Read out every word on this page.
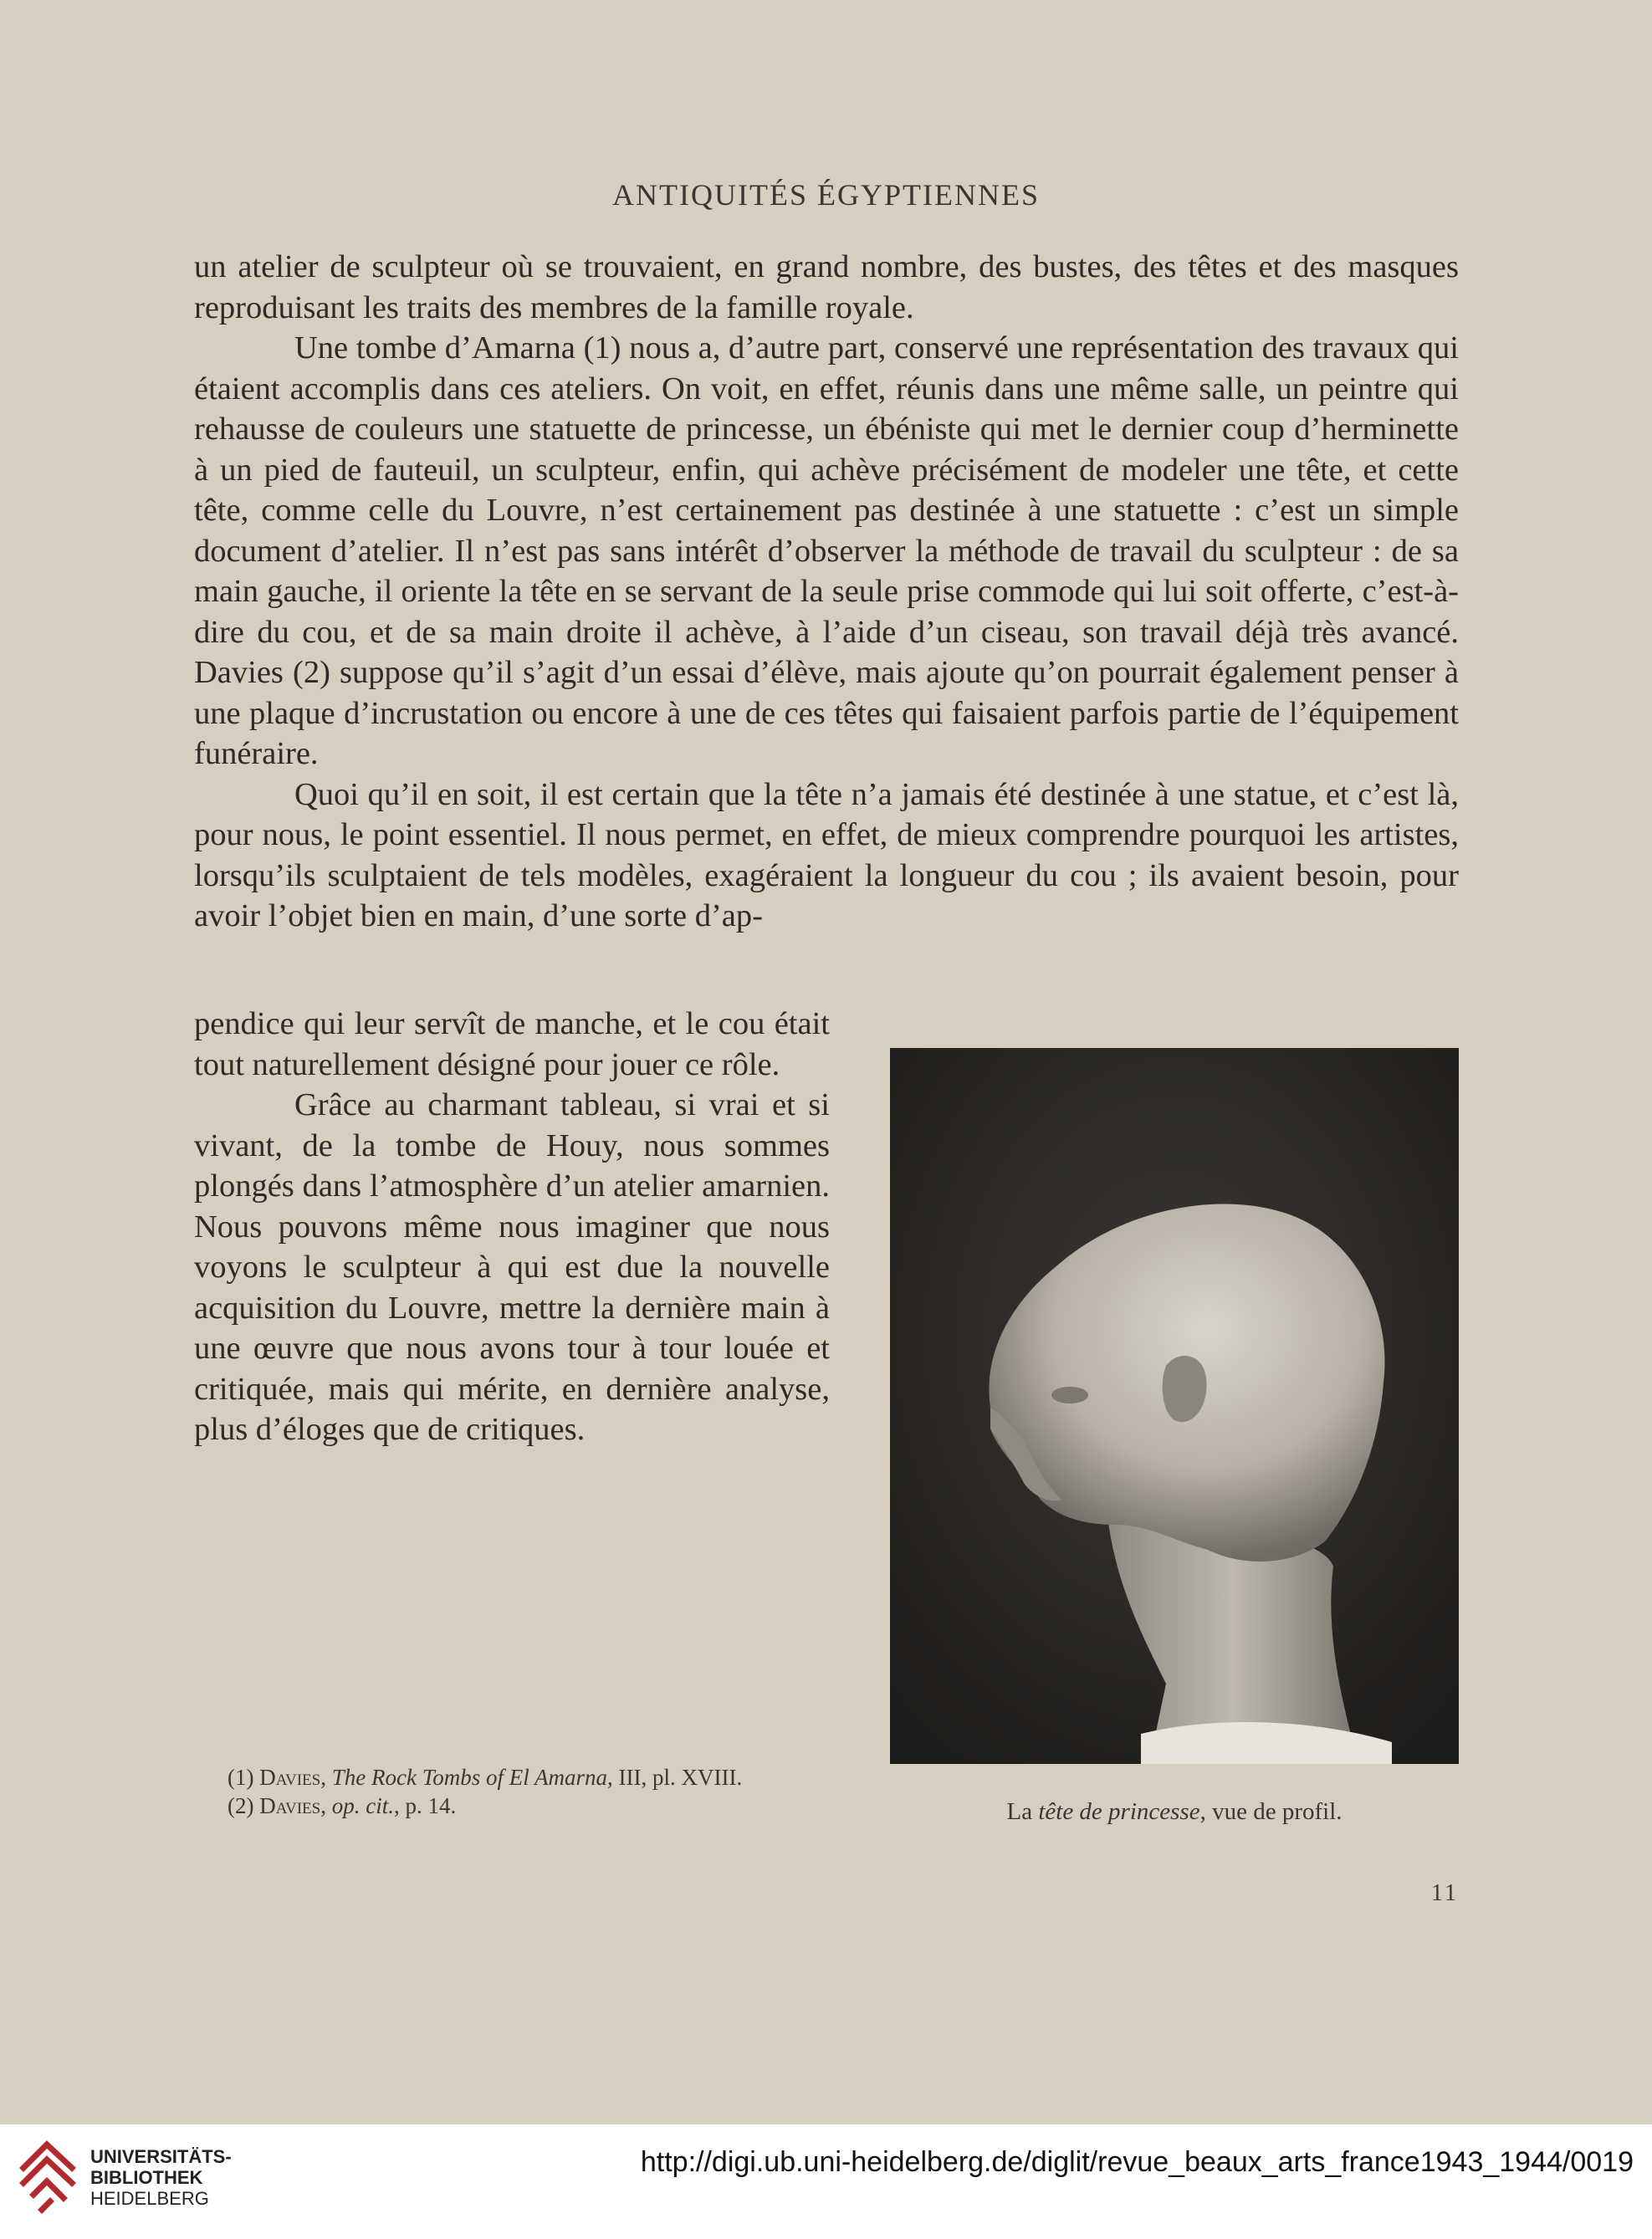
ANTIQUITÉS ÉGYPTIENNES

un atelier de sculpteur où se trouvaient, en grand nombre, des bustes, des têtes et des masques reproduisant les traits des membres de la famille royale.

Une tombe d’Amarna (1) nous a, d’autre part, conservé une représentation des travaux qui étaient accomplis dans ces ateliers. On voit, en effet, réunis dans une même salle, un peintre qui rehausse de couleurs une statuette de princesse, un ébéniste qui met le dernier coup d’herminette à un pied de fauteuil, un sculpteur, enfin, qui achève précisément de modeler une tête, et cette tête, comme celle du Louvre, n’est certainement pas destinée à une statuette : c’est un simple document d’atelier. Il n’est pas sans intérêt d’observer la méthode de travail du sculpteur : de sa main gauche, il oriente la tête en se servant de la seule prise commode qui lui soit offerte, c’est-à-dire du cou, et de sa main droite il achève, à l’aide d’un ciseau, son travail déjà très avancé. Davies (2) suppose qu’il s’agit d’un essai d’élève, mais ajoute qu’on pourrait également penser à une plaque d’incrustation ou encore à une de ces têtes qui faisaient parfois partie de l’équipement funéraire.

Quoi qu’il en soit, il est certain que la tête n’a jamais été destinée à une statue, et c’est là, pour nous, le point essentiel. Il nous permet, en effet, de mieux comprendre pourquoi les artistes, lorsqu’ils sculptaient de tels modèles, exagéraient la longueur du cou ; ils avaient besoin, pour avoir l’objet bien en main, d’une sorte d’ap-

pendice qui leur servît de manche, et le cou était tout naturellement désigné pour jouer ce rôle.

Grâce au charmant tableau, si vrai et si vivant, de la tombe de Houy, nous sommes plongés dans l’atmosphère d’un atelier amarnien. Nous pouvons même nous imaginer que nous voyons le sculpteur à qui est due la nouvelle acquisition du Louvre, mettre la dernière main à une œuvre que nous avons tour à tour louée et critiquée, mais qui mérite, en dernière analyse, plus d’éloges que de critiques.

(1) Davies, The Rock Tombs of El Amarna, III, pl. XVIII.

(2) Davies, op. cit., p. 14.	La tête de princesse, vue de profil.
11
UNIVERSITÄTS-
BIBLIOTHEK
HEIDELBERG
http://digi.ub.uni-heidelberg.de/diglit/revue_beaux_arts_france1943_1944/0019
